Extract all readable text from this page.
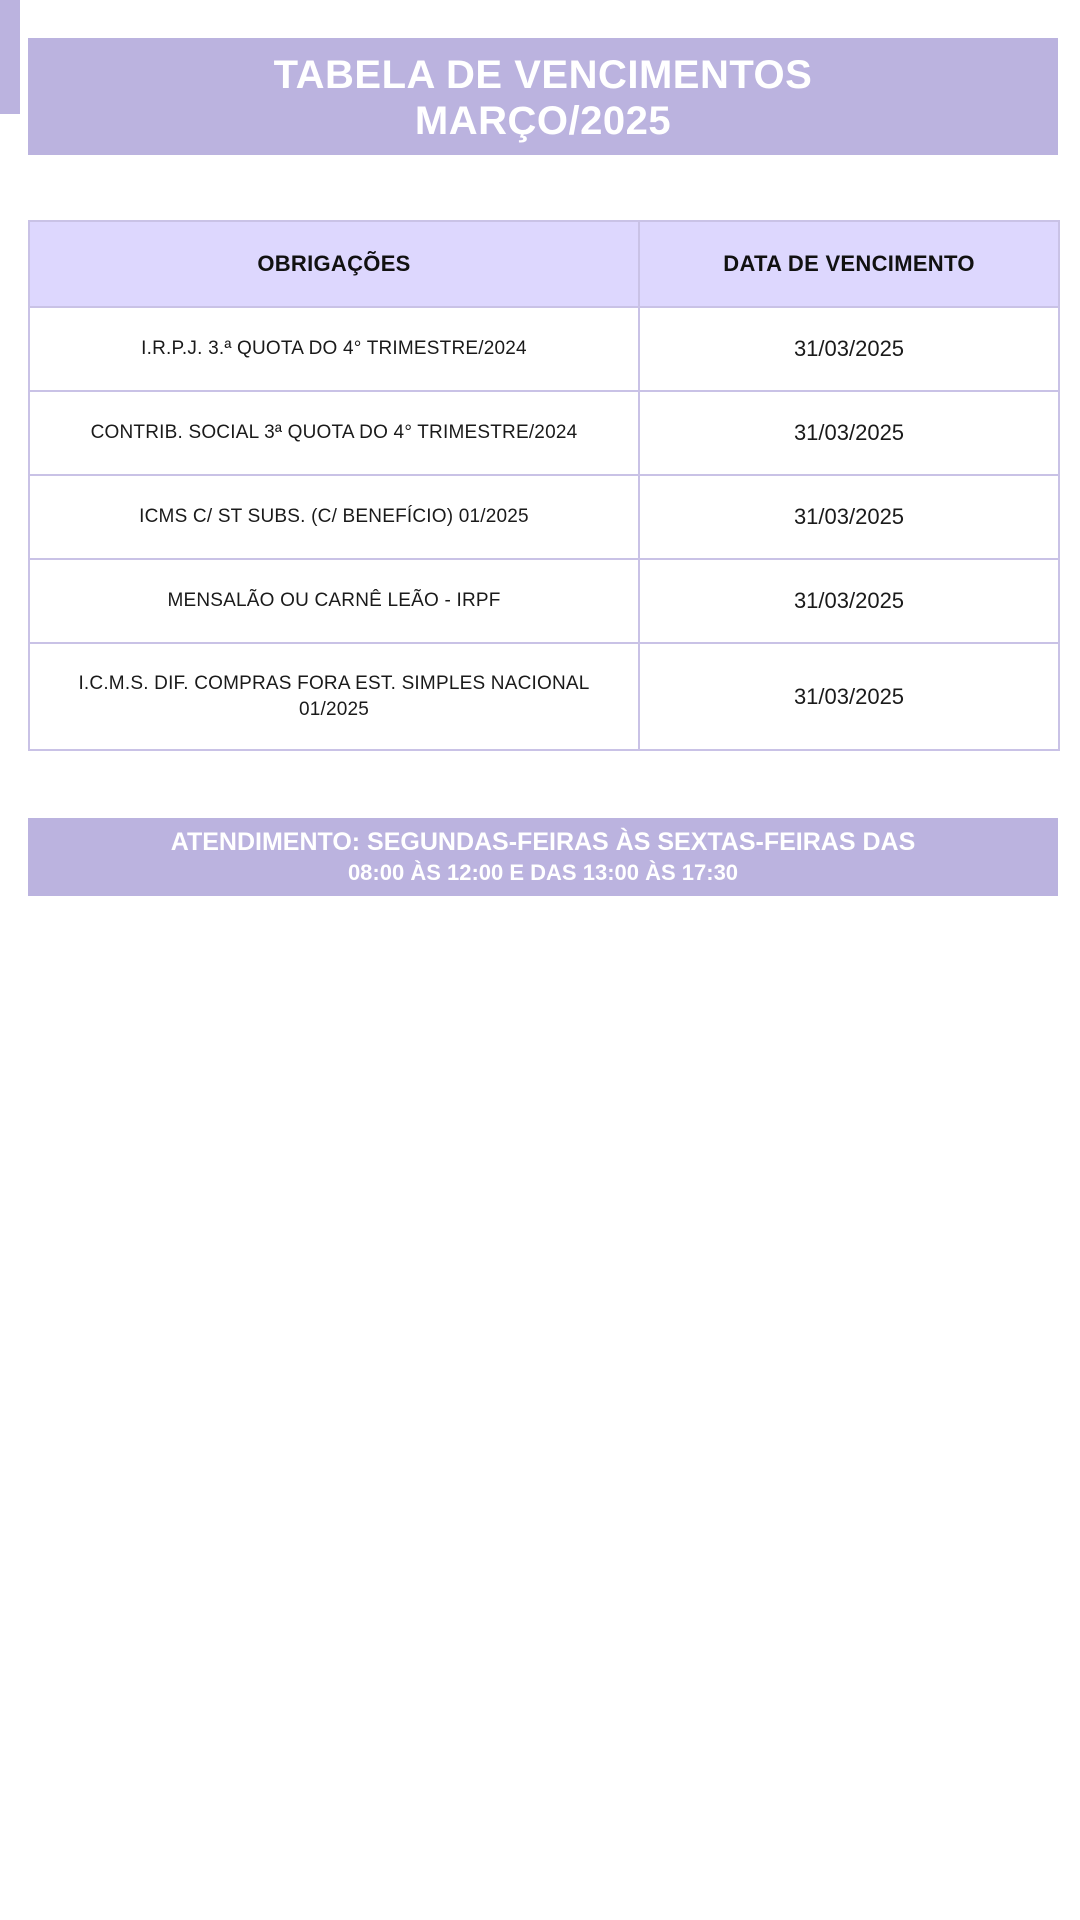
TABELA DE VENCIMENTOS
MARÇO/2025
OBRIGAÇÕES	DATA DE VENCIMENTO
I.R.P.J. 3.ª QUOTA DO 4° TRIMESTRE/2024	31/03/2025
CONTRIB. SOCIAL 3ª QUOTA DO 4° TRIMESTRE/2024	31/03/2025
ICMS C/ ST SUBS. (C/ BENEFÍCIO) 01/2025	31/03/2025
MENSALÃO OU CARNÊ LEÃO - IRPF	31/03/2025
I.C.M.S. DIF. COMPRAS FORA EST. SIMPLES NACIONAL 01/2025	31/03/2025
ATENDIMENTO: SEGUNDAS-FEIRAS ÀS SEXTAS-FEIRAS DAS
08:00 ÀS 12:00 E DAS 13:00 ÀS 17:30
